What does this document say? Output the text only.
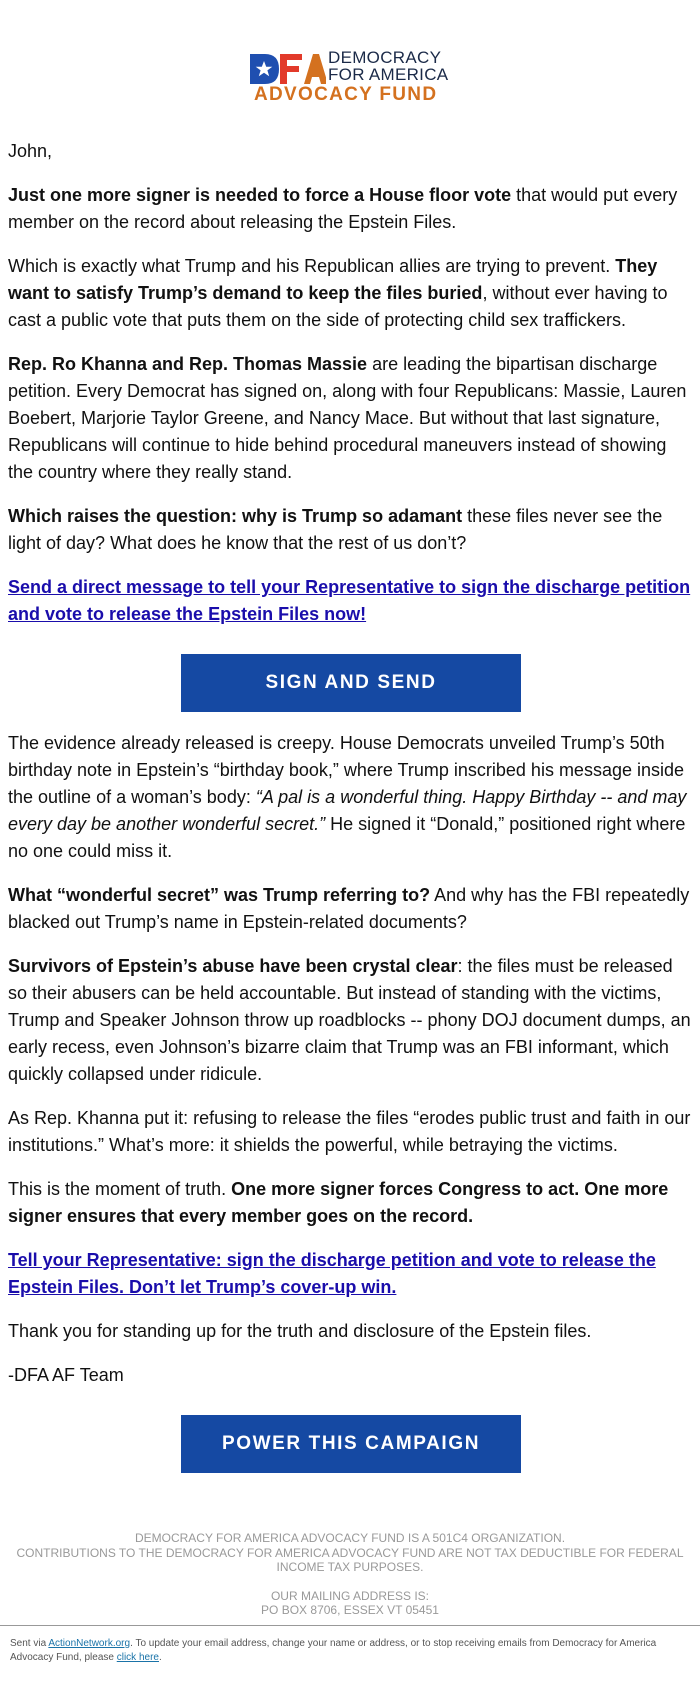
DEMOCRACY
FOR AMERICA
ADVOCACY FUND

John,

Just one more signer is needed to force a House floor vote that would put every member on the record about releasing the Epstein Files.

Which is exactly what Trump and his Republican allies are trying to prevent. They want to satisfy Trump’s demand to keep the files buried, without ever having to cast a public vote that puts them on the side of protecting child sex traffickers.

Rep. Ro Khanna and Rep. Thomas Massie are leading the bipartisan discharge petition. Every Democrat has signed on, along with four Republicans: Massie, Lauren Boebert, Marjorie Taylor Greene, and Nancy Mace. But without that last signature, Republicans will continue to hide behind procedural maneuvers instead of showing the country where they really stand.

Which raises the question: why is Trump so adamant these files never see the light of day? What does he know that the rest of us don’t?

Send a direct message to tell your Representative to sign the discharge petition and vote to release the Epstein Files now!

SIGN AND SEND

The evidence already released is creepy. House Democrats unveiled Trump’s 50th birthday note in Epstein’s “birthday book,” where Trump inscribed his message inside the outline of a woman’s body: “A pal is a wonderful thing. Happy Birthday -- and may every day be another wonderful secret.” He signed it “Donald,” positioned right where no one could miss it.

What “wonderful secret” was Trump referring to? And why has the FBI repeatedly blacked out Trump’s name in Epstein-related documents?

Survivors of Epstein’s abuse have been crystal clear: the files must be released so their abusers can be held accountable. But instead of standing with the victims, Trump and Speaker Johnson throw up roadblocks -- phony DOJ document dumps, an early recess, even Johnson’s bizarre claim that Trump was an FBI informant, which quickly collapsed under ridicule.

As Rep. Khanna put it: refusing to release the files “erodes public trust and faith in our institutions.” What’s more: it shields the powerful, while betraying the victims.

This is the moment of truth. One more signer forces Congress to act. One more signer ensures that every member goes on the record.

Tell your Representative: sign the discharge petition and vote to release the Epstein Files. Don’t let Trump’s cover-up win.

Thank you for standing up for the truth and disclosure of the Epstein files.

-DFA AF Team

POWER THIS CAMPAIGN
DEMOCRACY FOR AMERICA ADVOCACY FUND IS A 501C4 ORGANIZATION.
CONTRIBUTIONS TO THE DEMOCRACY FOR AMERICA ADVOCACY FUND ARE NOT TAX DEDUCTIBLE FOR FEDERAL
INCOME TAX PURPOSES.
OUR MAILING ADDRESS IS:
PO BOX 8706, ESSEX VT 05451
Sent via ActionNetwork.org. To update your email address, change your name or address, or to stop receiving emails from Democracy for America Advocacy Fund, please click here.
